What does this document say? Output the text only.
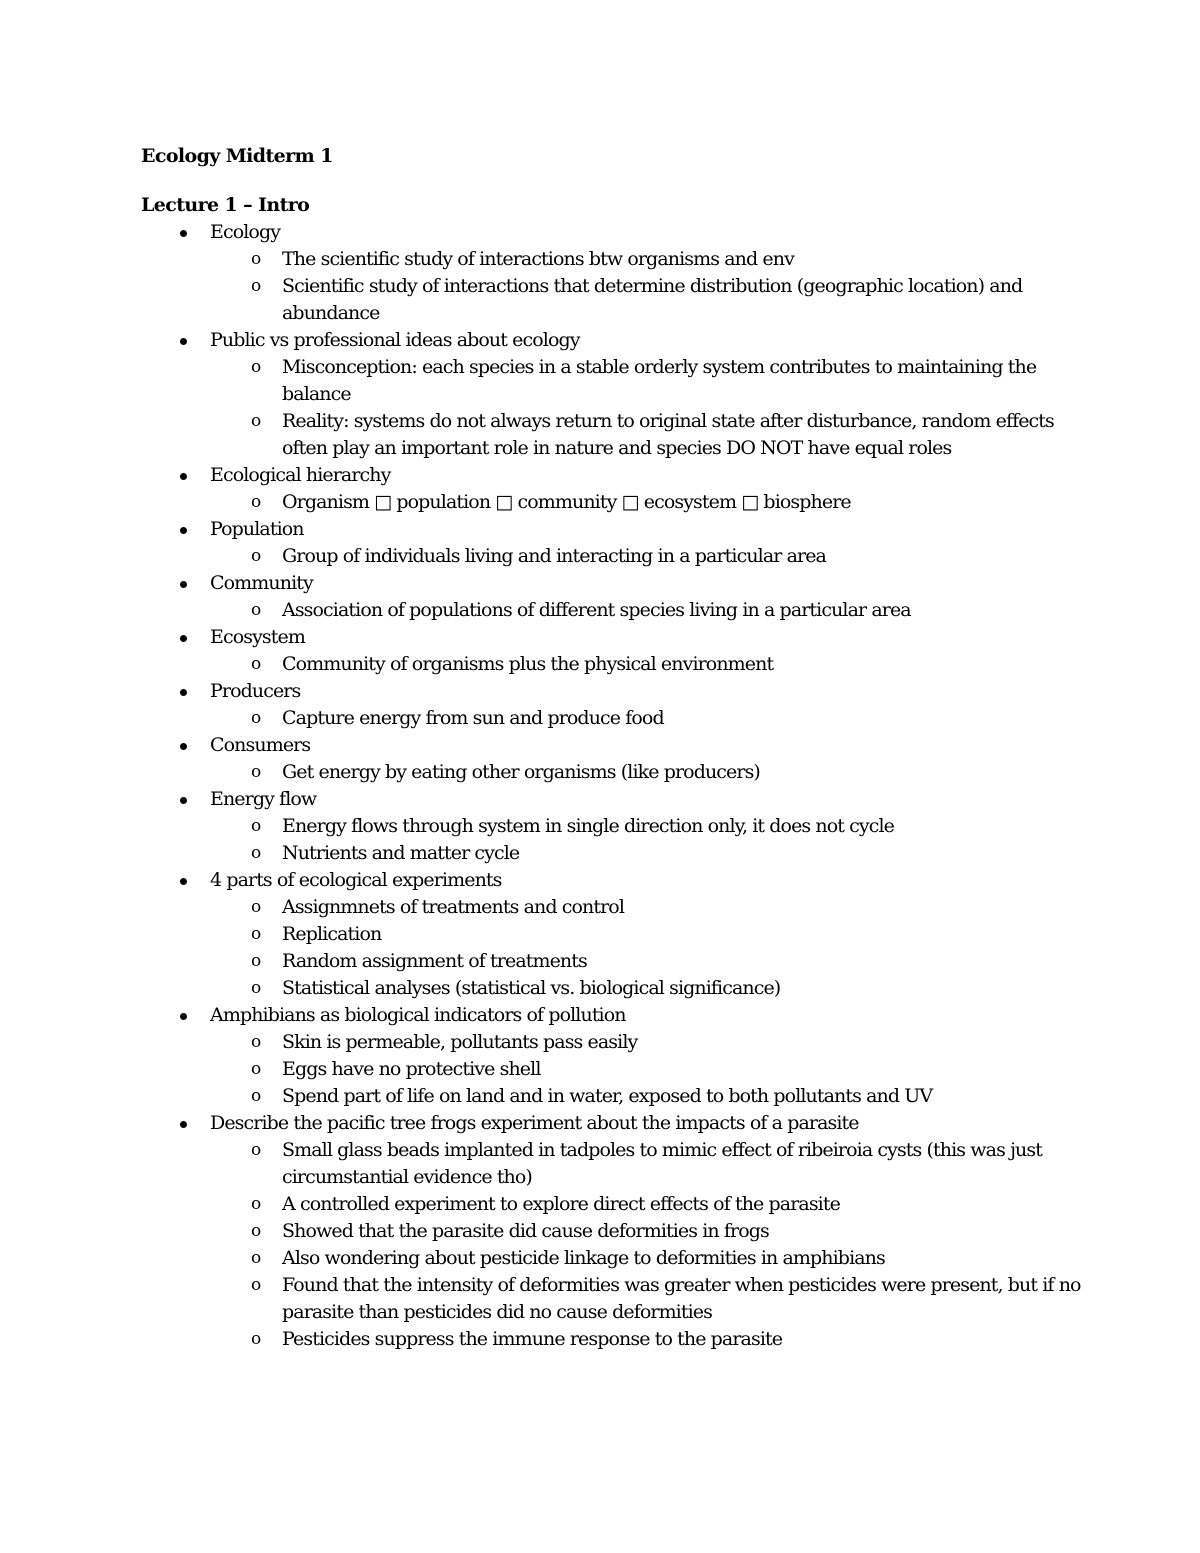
Ecology Midterm 1
Lecture 1 – Intro
Ecology
o	The scientific study of interactions btw organisms and env
o	Scientific study of interactions that determine distribution (geographic location) and abundance
Public vs professional ideas about ecology
o	Misconception: each species in a stable orderly system contributes to maintaining the balance
o	Reality: systems do not always return to original state after disturbance, random effects often play an important role in nature and species DO NOT have equal roles
Ecological hierarchy
o	Organism □ population □ community □ ecosystem □ biosphere
Population
o	Group of individuals living and interacting in a particular area
Community
o	Association of populations of different species living in a particular area
Ecosystem
o	Community of organisms plus the physical environment
Producers
o	Capture energy from sun and produce food
Consumers
o	Get energy by eating other organisms (like producers)
Energy flow
o	Energy flows through system in single direction only, it does not cycle
o	Nutrients and matter cycle
4 parts of ecological experiments
o	Assignmnets of treatments and control
o	Replication
o	Random assignment of treatments
o	Statistical analyses (statistical vs. biological significance)
Amphibians as biological indicators of pollution
o	Skin is permeable, pollutants pass easily
o	Eggs have no protective shell
o	Spend part of life on land and in water, exposed to both pollutants and UV
Describe the pacific tree frogs experiment about the impacts of a parasite
o	Small glass beads implanted in tadpoles to mimic effect of ribeiroia cysts (this was just circumstantial evidence tho)
o	A controlled experiment to explore direct effects of the parasite
o	Showed that the parasite did cause deformities in frogs
o	Also wondering about pesticide linkage to deformities in amphibians
o	Found that the intensity of deformities was greater when pesticides were present, but if no parasite than pesticides did no cause deformities
o	Pesticides suppress the immune response to the parasite
